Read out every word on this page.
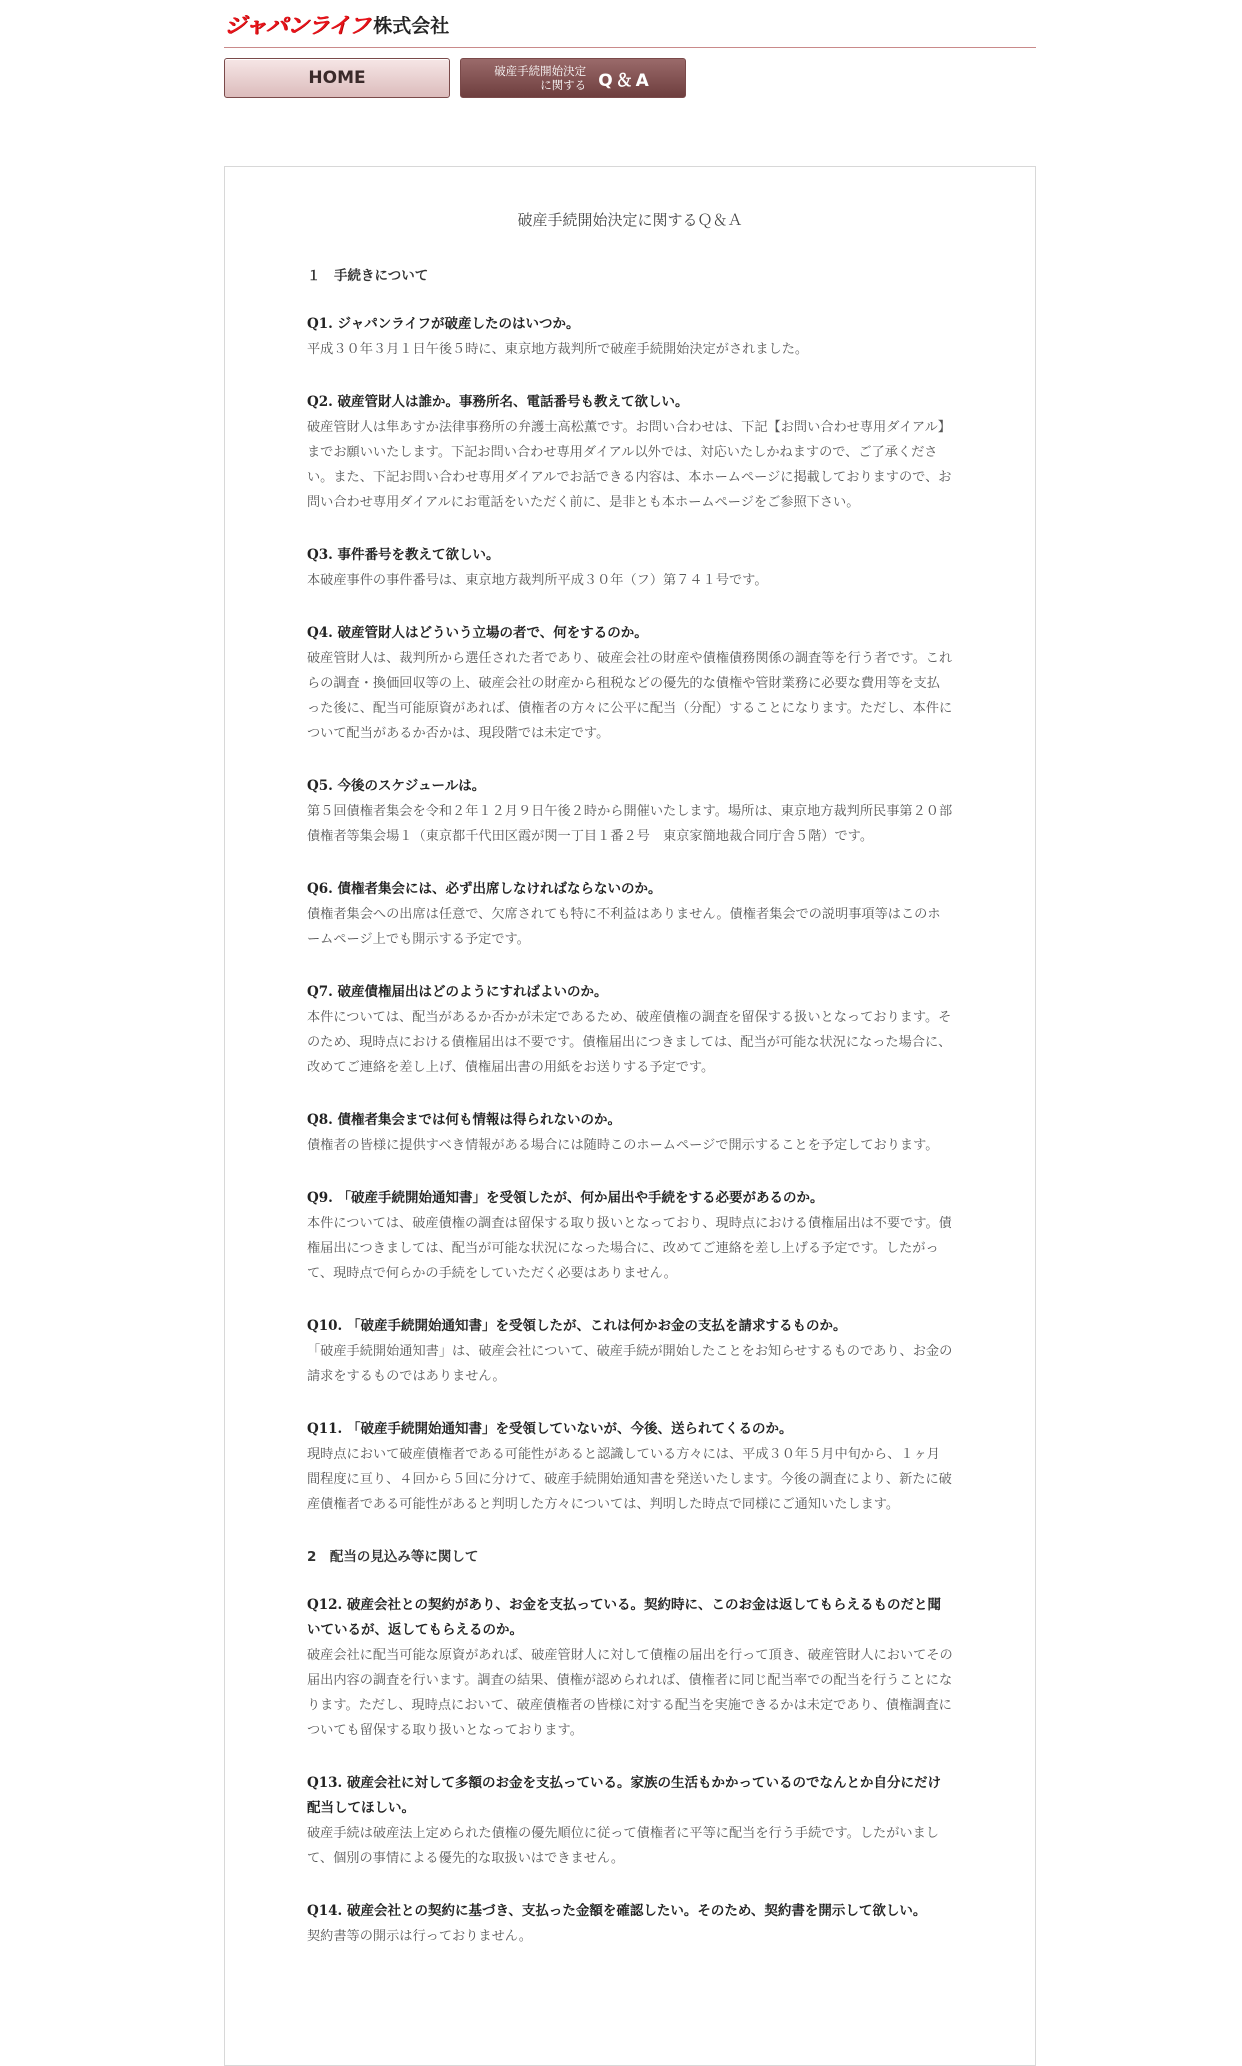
ジャパンライフ 株式会社
HOME	破産手続開始決定
に関する Q＆A
破産手続開始決定に関するＱ＆Ａ
１　手続きについて
Q1. ジャパンライフが破産したのはいつか。
平成３０年３月１日午後５時に、東京地方裁判所で破産手続開始決定がされました。
Q2. 破産管財人は誰か。事務所名、電話番号も教えて欲しい。
破産管財人は隼あすか法律事務所の弁護士高松薫です。お問い合わせは、下記【お問い合わせ専用ダイアル】までお願いいたします。下記お問い合わせ専用ダイアル以外では、対応いたしかねますので、ご了承ください。また、下記お問い合わせ専用ダイアルでお話できる内容は、本ホームページに掲載しておりますので、お問い合わせ専用ダイアルにお電話をいただく前に、是非とも本ホームページをご参照下さい。
Q3. 事件番号を教えて欲しい。
本破産事件の事件番号は、東京地方裁判所平成３０年（フ）第７４１号です。
Q4. 破産管財人はどういう立場の者で、何をするのか。
破産管財人は、裁判所から選任された者であり、破産会社の財産や債権債務関係の調査等を行う者です。これらの調査・換価回収等の上、破産会社の財産から租税などの優先的な債権や管財業務に必要な費用等を支払った後に、配当可能原資があれば、債権者の方々に公平に配当（分配）することになります。ただし、本件について配当があるか否かは、現段階では未定です。
Q5. 今後のスケジュールは。
第５回債権者集会を令和２年１２月９日午後２時から開催いたします。場所は、東京地方裁判所民事第２０部債権者等集会場１（東京都千代田区霞が関一丁目１番２号　東京家簡地裁合同庁舎５階）です。
Q6. 債権者集会には、必ず出席しなければならないのか。
債権者集会への出席は任意で、欠席されても特に不利益はありません。債権者集会での説明事項等はこのホームページ上でも開示する予定です。
Q7. 破産債権届出はどのようにすればよいのか。
本件については、配当があるか否かが未定であるため、破産債権の調査を留保する扱いとなっております。そのため、現時点における債権届出は不要です。債権届出につきましては、配当が可能な状況になった場合に、改めてご連絡を差し上げ、債権届出書の用紙をお送りする予定です。
Q8. 債権者集会までは何も情報は得られないのか。
債権者の皆様に提供すべき情報がある場合には随時このホームページで開示することを予定しております。
Q9. 「破産手続開始通知書」を受領したが、何か届出や手続をする必要があるのか。
本件については、破産債権の調査は留保する取り扱いとなっており、現時点における債権届出は不要です。債権届出につきましては、配当が可能な状況になった場合に、改めてご連絡を差し上げる予定です。したがって、現時点で何らかの手続をしていただく必要はありません。
Q10. 「破産手続開始通知書」を受領したが、これは何かお金の支払を請求するものか。
「破産手続開始通知書」は、破産会社について、破産手続が開始したことをお知らせするものであり、お金の請求をするものではありません。
Q11. 「破産手続開始通知書」を受領していないが、今後、送られてくるのか。
現時点において破産債権者である可能性があると認識している方々には、平成３０年５月中旬から、１ヶ月間程度に亘り、４回から５回に分けて、破産手続開始通知書を発送いたします。今後の調査により、新たに破産債権者である可能性があると判明した方々については、判明した時点で同様にご通知いたします。
2　配当の見込み等に関して
Q12. 破産会社との契約があり、お金を支払っている。契約時に、このお金は返してもらえるものだと聞いているが、返してもらえるのか。
破産会社に配当可能な原資があれば、破産管財人に対して債権の届出を行って頂き、破産管財人においてその届出内容の調査を行います。調査の結果、債権が認められれば、債権者に同じ配当率での配当を行うことになります。ただし、現時点において、破産債権者の皆様に対する配当を実施できるかは未定であり、債権調査についても留保する取り扱いとなっております。
Q13. 破産会社に対して多額のお金を支払っている。家族の生活もかかっているのでなんとか自分にだけ配当してほしい。
破産手続は破産法上定められた債権の優先順位に従って債権者に平等に配当を行う手続です。したがいまして、個別の事情による優先的な取扱いはできません。
Q14. 破産会社との契約に基づき、支払った金額を確認したい。そのため、契約書を開示して欲しい。
契約書等の開示は行っておりません。
